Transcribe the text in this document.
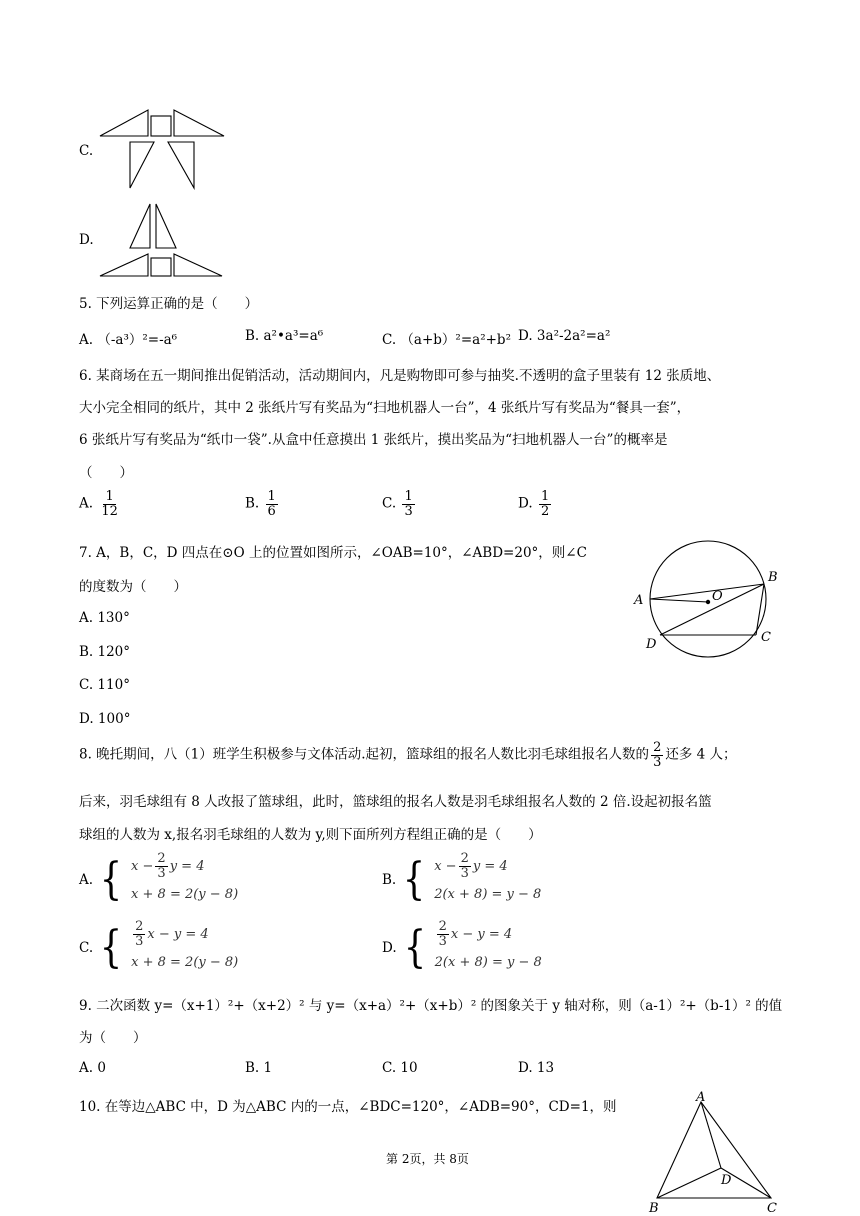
C.
D.
5. 下列运算正确的是（　　）
A. （-a³）²=-a⁶	B. a²•a³=a⁶	C. （a+b）²=a²+b² D. 3a²-2a²=a²
6. 某商场在五一期间推出促销活动，活动期间内，凡是购物即可参与抽奖.不透明的盒子里装有 12 张质地、
大小完全相同的纸片，其中 2 张纸片写有奖品为“扫地机器人一台”，4 张纸片写有奖品为“餐具一套”，
6 张纸片写有奖品为“纸巾一袋”.从盒中任意摸出 1 张纸片，摸出奖品为“扫地机器人一台”的概率是
（　　）
A. $\frac{1}{12}$	B. $\frac{1}{6}$	C. $\frac{1}{3}$	D. $\frac{1}{2}$
7. A，B，C，D 四点在⊙O 上的位置如图所示，∠OAB=10°，∠ABD=20°，则∠C
的度数为（　　）
A. 130°
B. 120°
C. 110°
D. 100°
A
B
C
D
O
8. 晚托期间，八（1）班学生积极参与文体活动.起初，篮球组的报名人数比羽毛球组报名人数的 $\frac{2}{3}$ 还多 4 人；
后来，羽毛球组有 8 人改报了篮球组，此时，篮球组的报名人数是羽毛球组报名人数的 2 倍.设起初报名篮
球组的人数为 x,报名羽毛球组的人数为 y,则下面所列方程组正确的是（　　）
A. { $x - \frac{2}{3}$ y = 4
x + 8 = 2(y − 8)
B. { $x - \frac{2}{3}$ y = 4
2(x + 8) = y − 8
C. { $\frac{2}{3}$ x − y = 4
x + 8 = 2(y − 8)
D. { $\frac{2}{3}$ x − y = 4
2(x + 8) = y − 8
9. 二次函数 y=（x+1）²+（x+2）² 与 y=（x+a）²+（x+b）² 的图象关于 y 轴对称，则（a-1）²+（b-1）² 的值
为（　　）
A. 0	B. 1	C. 10	D. 13
10. 在等边△ABC 中，D 为△ABC 内的一点，∠BDC=120°，∠ADB=90°，CD=1，则
A
B	C
D
第 2页，共 8页
